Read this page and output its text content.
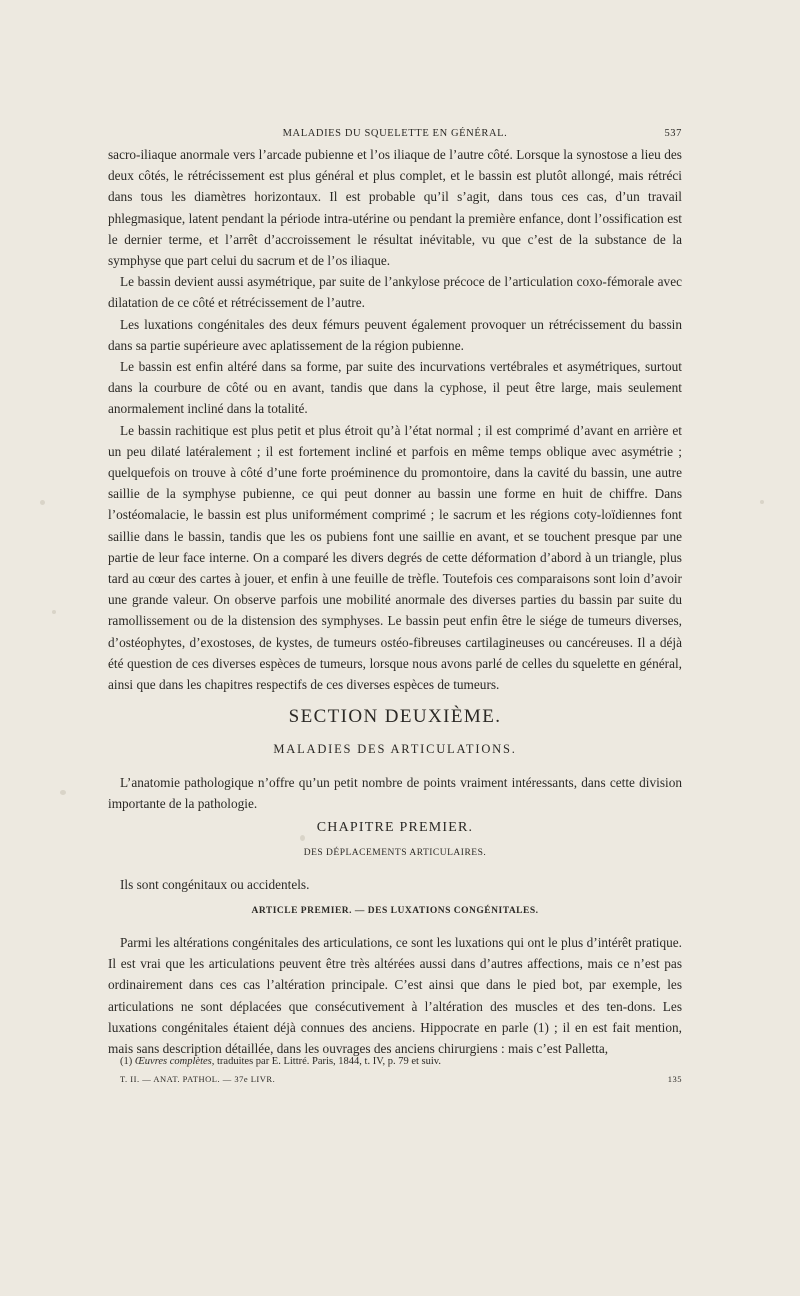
MALADIES DU SQUELETTE EN GÉNÉRAL.	537

sacro-iliaque anormale vers l’arcade pubienne et l’os iliaque de l’autre côté. Lorsque la synostose a lieu des deux côtés, le rétrécissement est plus général et plus complet, et le bassin est plutôt allongé, mais rétréci dans tous les diamètres horizontaux. Il est probable qu’il s’agit, dans tous ces cas, d’un travail phlegmasique, latent pendant la période intra-utérine ou pendant la première enfance, dont l’ossification est le dernier terme, et l’arrêt d’accroissement le résultat inévitable, vu que c’est de la substance de la symphyse que part celui du sacrum et de l’os iliaque.

Le bassin devient aussi asymétrique, par suite de l’ankylose précoce de l’articulation coxo-fémorale avec dilatation de ce côté et rétrécissement de l’autre.

Les luxations congénitales des deux fémurs peuvent également provoquer un rétrécissement du bassin dans sa partie supérieure avec aplatissement de la région pubienne.

Le bassin est enfin altéré dans sa forme, par suite des incurvations vertébrales et asymétriques, surtout dans la courbure de côté ou en avant, tandis que dans la cyphose, il peut être large, mais seulement anormalement incliné dans la totalité.

Le bassin rachitique est plus petit et plus étroit qu’à l’état normal ; il est comprimé d’avant en arrière et un peu dilaté latéralement ; il est fortement incliné et parfois en même temps oblique avec asymétrie ; quelquefois on trouve à côté d’une forte proéminence du promontoire, dans la cavité du bassin, une autre saillie de la symphyse pubienne, ce qui peut donner au bassin une forme en huit de chiffre. Dans l’ostéomalacie, le bassin est plus uniformément comprimé ; le sacrum et les régions coty-loïdiennes font saillie dans le bassin, tandis que les os pubiens font une saillie en avant, et se touchent presque par une partie de leur face interne. On a comparé les divers degrés de cette déformation d’abord à un triangle, plus tard au cœur des cartes à jouer, et enfin à une feuille de trèfle. Toutefois ces comparaisons sont loin d’avoir une grande valeur. On observe parfois une mobilité anormale des diverses parties du bassin par suite du ramollissement ou de la distension des symphyses. Le bassin peut enfin être le siége de tumeurs diverses, d’ostéophytes, d’exostoses, de kystes, de tumeurs ostéo-fibreuses cartilagineuses ou cancéreuses. Il a déjà été question de ces diverses espèces de tumeurs, lorsque nous avons parlé de celles du squelette en général, ainsi que dans les chapitres respectifs de ces diverses espèces de tumeurs.

SECTION DEUXIÈME.
MALADIES DES ARTICULATIONS.

L’anatomie pathologique n’offre qu’un petit nombre de points vraiment intéressants, dans cette division importante de la pathologie.

CHAPITRE PREMIER.
DES DÉPLACEMENTS ARTICULAIRES.

Ils sont congénitaux ou accidentels.

ARTICLE PREMIER. — DES LUXATIONS CONGÉNITALES.

Parmi les altérations congénitales des articulations, ce sont les luxations qui ont le plus d’intérêt pratique. Il est vrai que les articulations peuvent être très altérées aussi dans d’autres affections, mais ce n’est pas ordinairement dans ces cas l’altération principale. C’est ainsi que dans le pied bot, par exemple, les articulations ne sont déplacées que consécutivement à l’altération des muscles et des ten-dons. Les luxations congénitales étaient déjà connues des anciens. Hippocrate en parle (1) ; il en est fait mention, mais sans description détaillée, dans les ouvrages des anciens chirurgiens : mais c’est Palletta,

(1) Œuvres complètes, traduites par E. Littré. Paris, 1844, t. IV, p. 79 et suiv.
T. II. — ANAT. PATHOL. — 37e LIVR.	135
